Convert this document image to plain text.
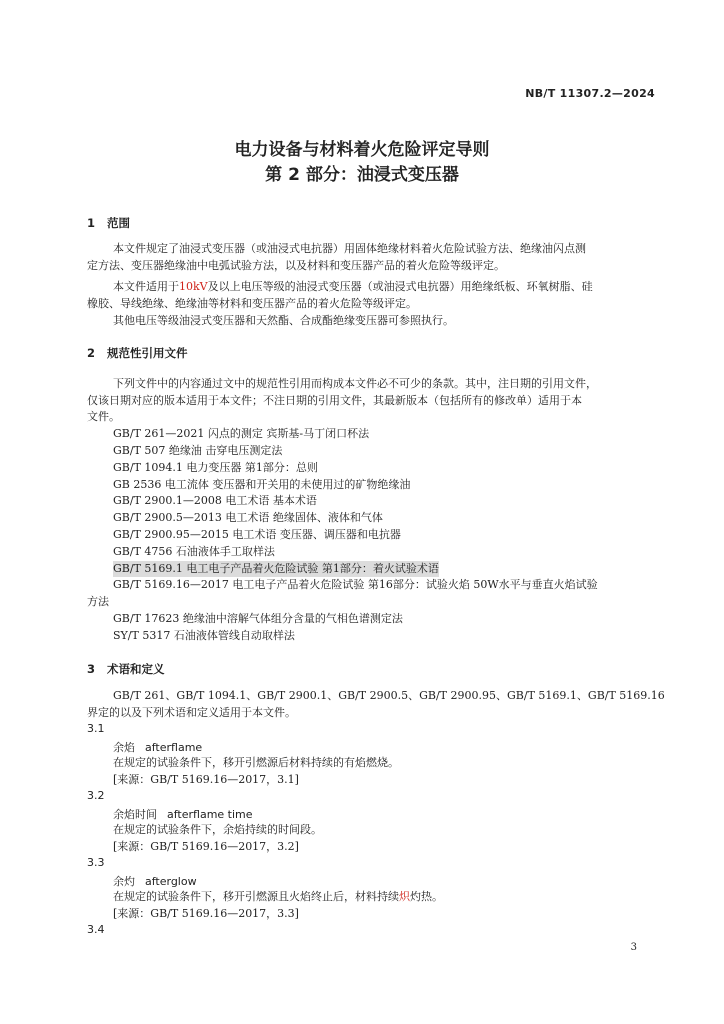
NB/T 11307.2—2024
电力设备与材料着火危险评定导则
第 2 部分：油浸式变压器
1 范围
本文件规定了油浸式变压器（或油浸式电抗器）用固体绝缘材料着火危险试验方法、绝缘油闪点测
定方法、变压器绝缘油中电弧试验方法，以及材料和变压器产品的着火危险等级评定。
本文件适用于10kV及以上电压等级的油浸式变压器（或油浸式电抗器）用绝缘纸板、环氧树脂、硅
橡胶、导线绝缘、绝缘油等材料和变压器产品的着火危险等级评定。
其他电压等级油浸式变压器和天然酯、合成酯绝缘变压器可参照执行。
2 规范性引用文件
下列文件中的内容通过文中的规范性引用而构成本文件必不可少的条款。其中，注日期的引用文件，
仅该日期对应的版本适用于本文件；不注日期的引用文件，其最新版本（包括所有的修改单）适用于本
文件。
GB/T 261—2021 闪点的测定 宾斯基-马丁闭口杯法
GB/T 507 绝缘油 击穿电压测定法
GB/T 1094.1 电力变压器 第1部分：总则
GB 2536 电工流体 变压器和开关用的未使用过的矿物绝缘油
GB/T 2900.1—2008 电工术语 基本术语
GB/T 2900.5—2013 电工术语 绝缘固体、液体和气体
GB/T 2900.95—2015 电工术语 变压器、调压器和电抗器
GB/T 4756 石油液体手工取样法
GB/T 5169.1 电工电子产品着火危险试验 第1部分：着火试验术语
GB/T 5169.16—2017 电工电子产品着火危险试验 第16部分：试验火焰 50W水平与垂直火焰试验
方法
GB/T 17623 绝缘油中溶解气体组分含量的气相色谱测定法
SY/T 5317 石油液体管线自动取样法
3 术语和定义
GB/T 261、GB/T 1094.1、GB/T 2900.1、GB/T 2900.5、GB/T 2900.95、GB/T 5169.1、GB/T 5169.16
界定的以及下列术语和定义适用于本文件。
3.1
余焰 afterflame
在规定的试验条件下，移开引燃源后材料持续的有焰燃烧。
[来源：GB/T 5169.16—2017，3.1]
3.2
余焰时间 afterflame time
在规定的试验条件下，余焰持续的时间段。
[来源：GB/T 5169.16—2017，3.2]
3.3
余灼 afterglow
在规定的试验条件下，移开引燃源且火焰终止后，材料持续炽灼热。
[来源：GB/T 5169.16—2017，3.3]
3.4
3
